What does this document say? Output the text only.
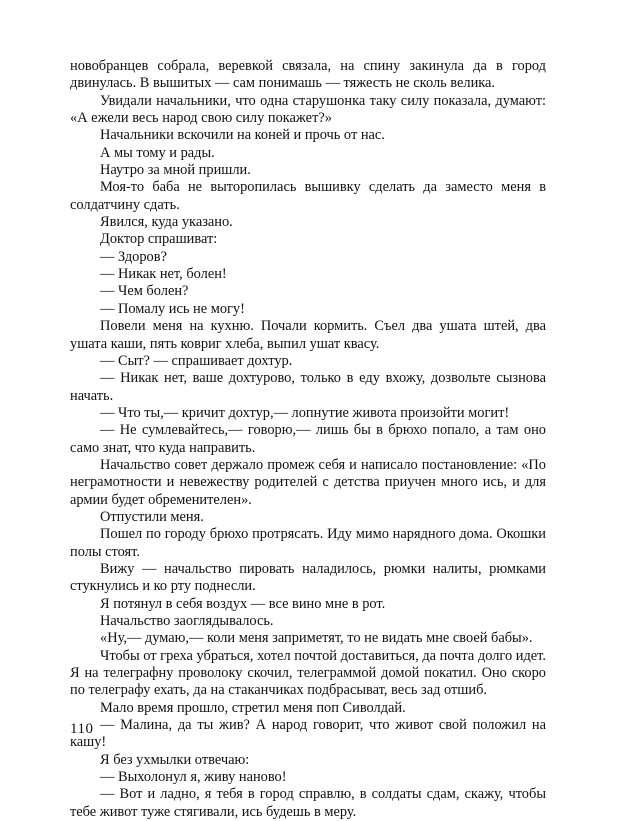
новобранцев собрала, веревкой связала, на спину закинула да в город двинулась. В вышитых — сам понимашь — тяжесть не сколь велика.

Увидали начальники, что одна старушонка таку силу показала, думают: «А ежели весь народ свою силу покажет?»

Начальники вскочили на коней и прочь от нас.

А мы тому и рады.

Наутро за мной пришли.

Моя-то баба не выторопилась вышивку сделать да заместо меня в солдатчину сдать.

Явился, куда указано.

Доктор спрашиват:

— Здоров?

— Никак нет, болен!

— Чем болен?

— Помалу ись не могу!

Повели меня на кухню. Почали кормить. Съел два ушата штей, два ушата каши, пять ковриг хлеба, выпил ушат квасу.

— Сыт? — спрашивает дохтур.

— Никак нет, ваше дохтурово, только в еду вхожу, дозвольте сызнова начать.

— Что ты,— кричит дохтур,— лопнутие живота произойти могит!

— Не сумлевайтесь,— говорю,— лишь бы в брюхо попало, а там оно само знат, что куда направить.

Начальство совет держало промеж себя и написало постановление: «По неграмотности и невежеству родителей с детства приучен много ись, и для армии будет обременителен».

Отпустили меня.

Пошел по городу брюхо протрясать. Иду мимо нарядного дома. Окошки полы стоят.

Вижу — начальство пировать наладилось, рюмки налиты, рюмками стукнулись и ко рту поднесли.

Я потянул в себя воздух — все вино мне в рот.

Начальство заоглядывалось.

«Ну,— думаю,— коли меня заприметят, то не видать мне своей бабы».

Чтобы от греха убраться, хотел почтой доставиться, да почта долго идет. Я на телеграфну проволоку скочил, телеграммой домой покатил. Оно скоро по телеграфу ехать, да на стаканчиках подбрасыват, весь зад отшиб.

Мало время прошло, стретил меня поп Сиволдай.

— Малина, да ты жив? А народ говорит, что живот свой положил на кашу!

Я без ухмылки отвечаю:

— Выхолонул я, живу наново!

— Вот и ладно, я тебя в город справлю, в солдаты сдам, скажу, чтобы тебе живот туже стягивали, ись будешь в меру.

110
